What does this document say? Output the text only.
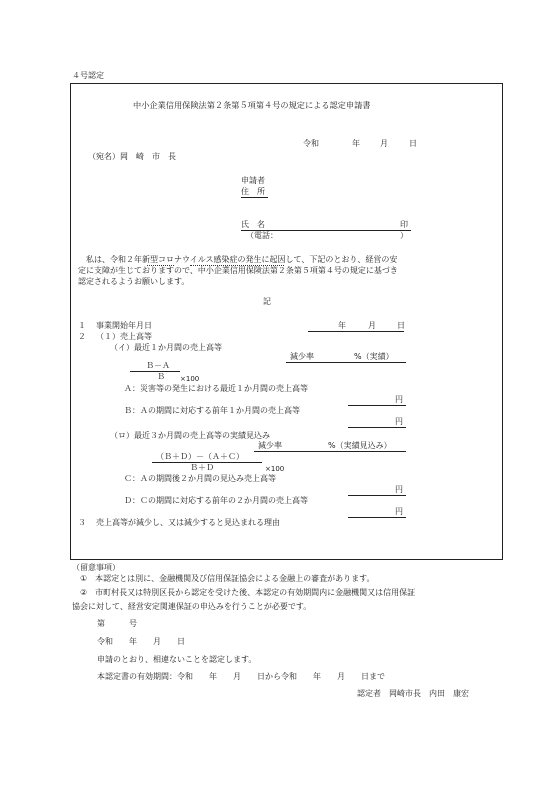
４号認定
中小企業信用保険法第２条第５項第４号の規定による認定申請書
令和	年	月	日
（宛名）岡　崎　市　長
申請者
住　所
氏　名	印
（電話：	）
私は、令和２年新型コロナウイルス感染症の発生に起因して、下記のとおり、経営の安
定に支障が生じておりますので、中小企業信用保険法第２条第５項第４号の規定に基づき
認定されるようお願いします。
記
１ 事業開始年月日	年	月	日
２ （１）売上高等
（イ）最近１か月間の売上高等
減少率	%（実績）
Ｂ－Ａ
Ｂ ×100
Ａ：災害等の発生における最近１か月間の売上高等
円
Ｂ：Ａの期間に対応する前年１か月間の売上高等
円
（ロ）最近３か月間の売上高等の実績見込み
減少率	%（実績見込み）
（Ｂ＋Ｄ）－（Ａ＋Ｃ）
Ｂ＋Ｄ	×100
Ｃ：Ａの期間後２か月間の見込み売上高等
円
Ｄ：Ｃの期間に対応する前年の２か月間の売上高等
円
３ 売上高等が減少し、又は減少すると見込まれる理由
（留意事項）
①　本認定とは別に、金融機関及び信用保証協会による金融上の審査があります。
②　市町村長又は特別区長から認定を受けた後、本認定の有効期間内に金融機関又は信用保証
協会に対して、経営安定関連保証の申込みを行うことが必要です。
第　　　号
令和　　年　　月　　日
申請のとおり、相違ないことを認定します。
本認定書の有効期間：令和　　年　　月　　日から令和　　年　　月　　日まで
認定者　岡崎市長　内田　康宏
